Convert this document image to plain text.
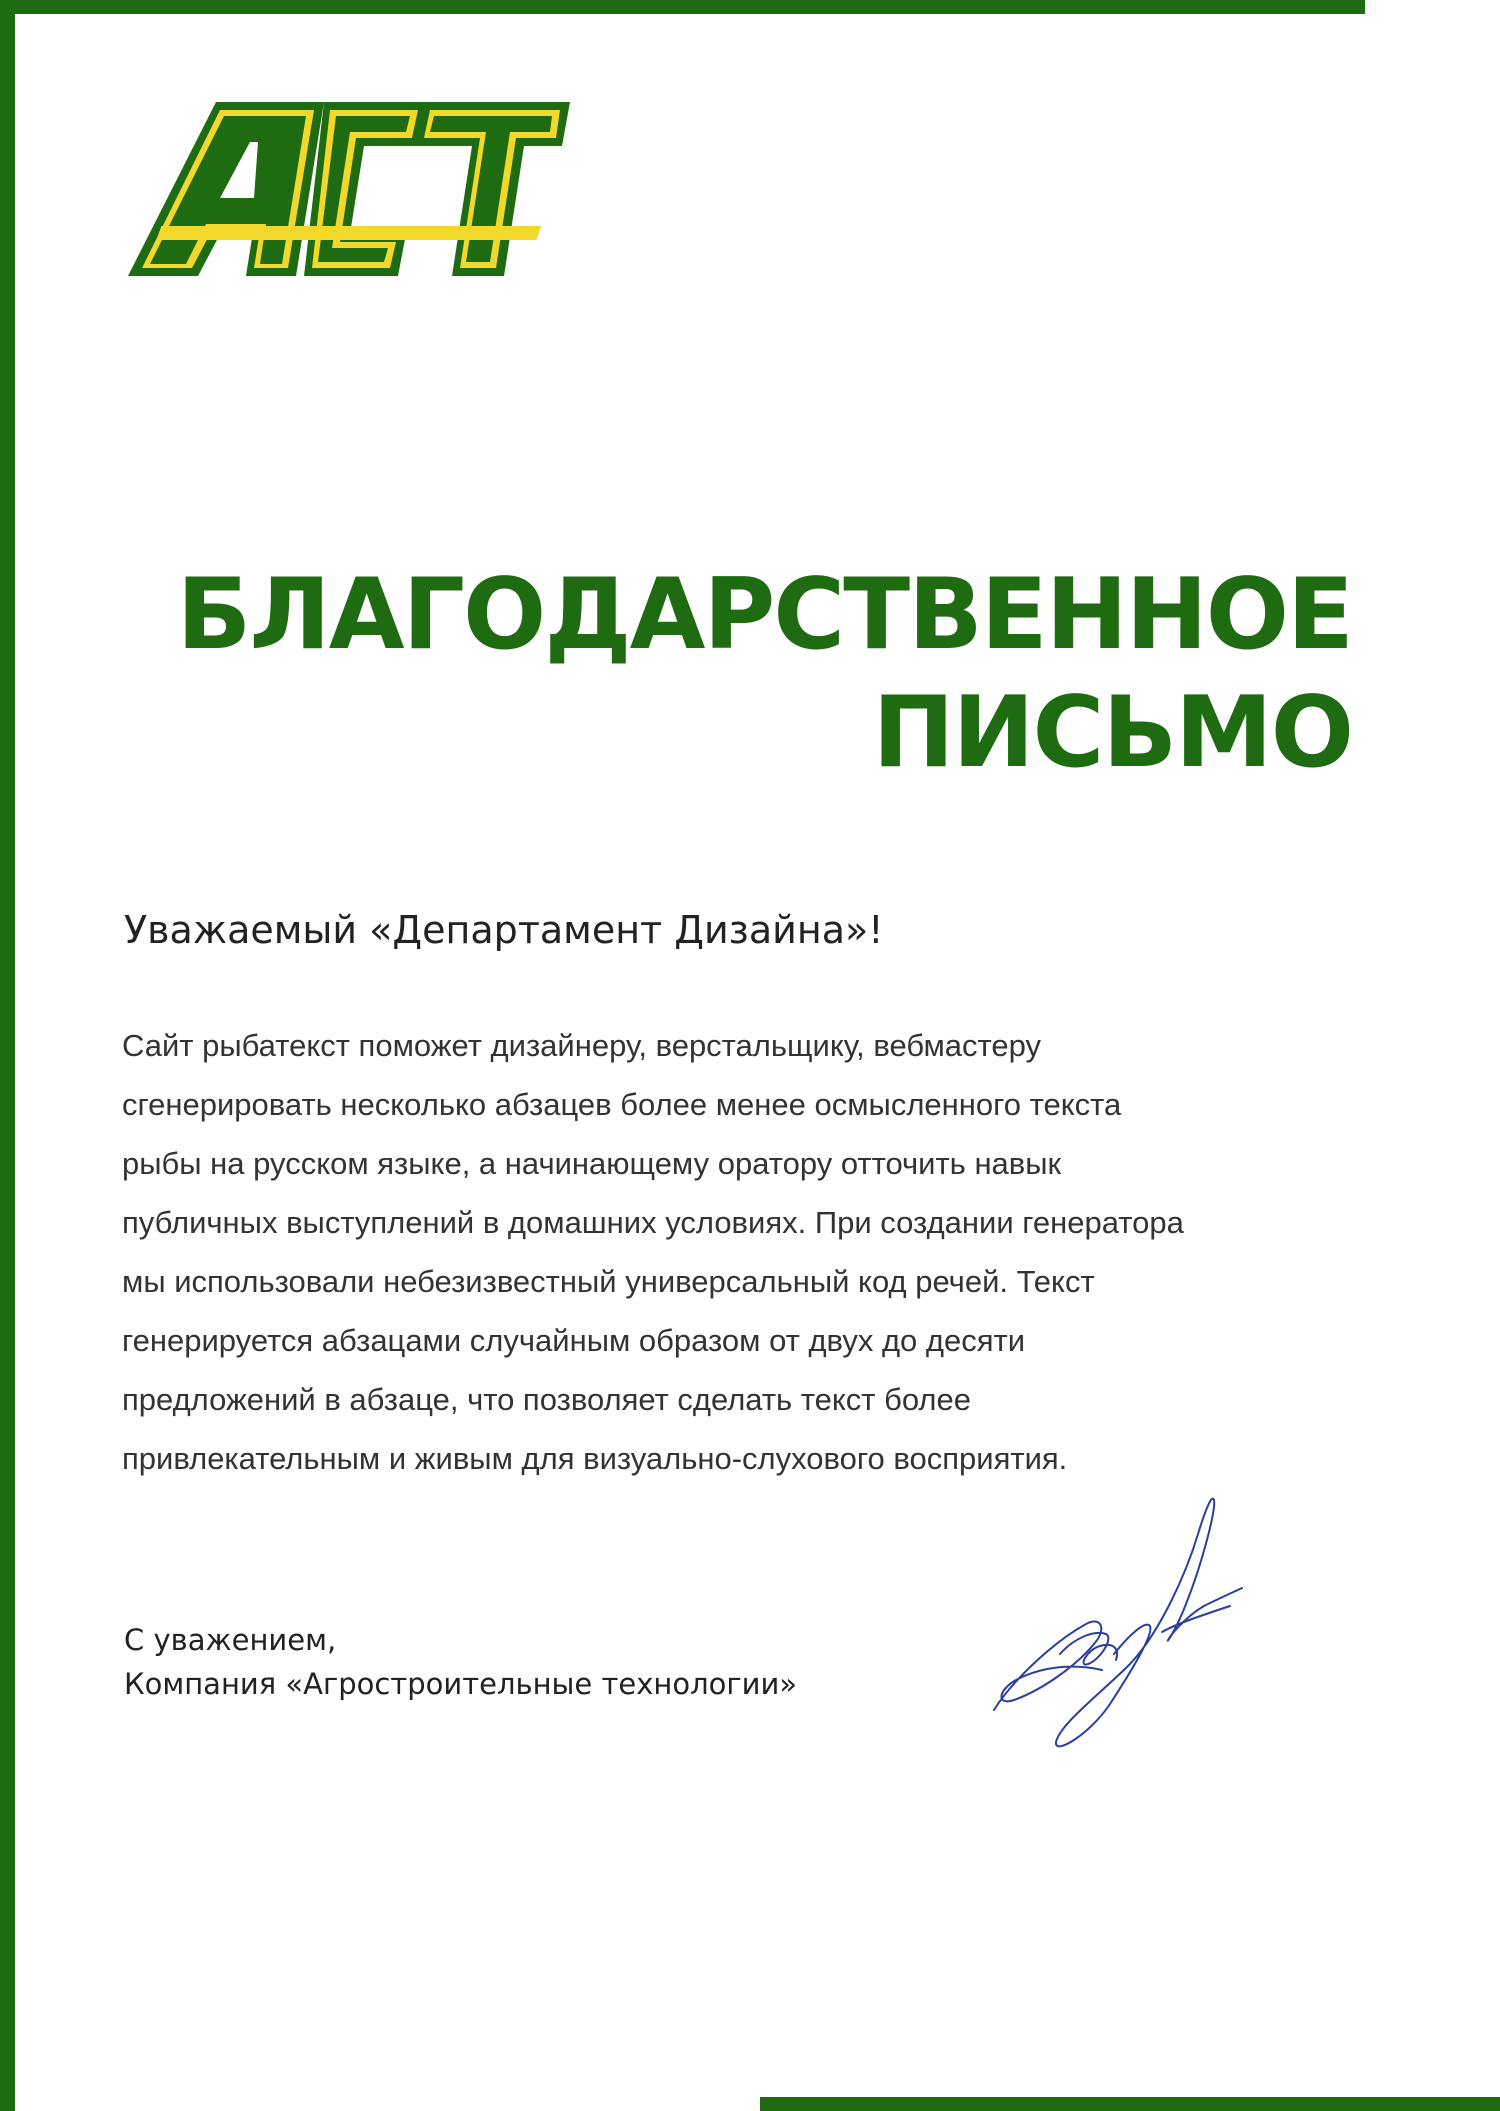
БЛАГОДАРСТВЕННОЕ
ПИСЬМО
Уважаемый «Департамент Дизайна»!
Сайт рыбатекст поможет дизайнеру, верстальщику, вебмастеру
сгенерировать несколько абзацев более менее осмысленного текста
рыбы на русском языке, а начинающему оратору отточить навык
публичных выступлений в домашних условиях. При создании генератора
мы использовали небезизвестный универсальный код речей. Текст
генерируется абзацами случайным образом от двух до десяти
предложений в абзаце, что позволяет сделать текст более
привлекательным и живым для визуально-слухового восприятия.
С уважением,
Компания «Агростроительные технологии»
